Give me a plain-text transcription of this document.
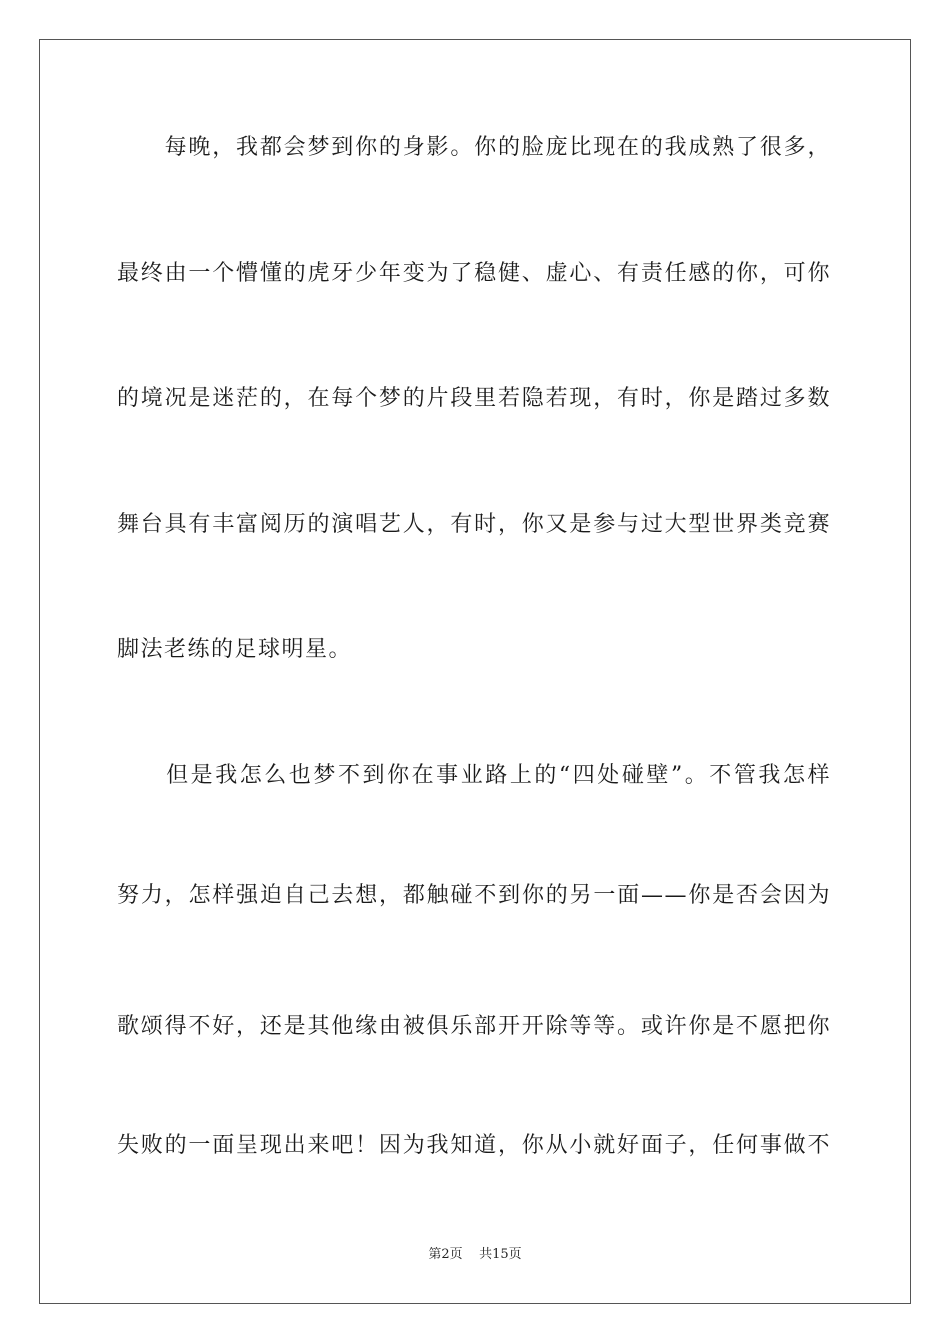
　　每晚，我都会梦到你的身影。你的脸庞比现在的我成熟了很多，
最终由一个懵懂的虎牙少年变为了稳健、虚心、有责任感的你，可你
的境况是迷茫的，在每个梦的片段里若隐若现，有时，你是踏过多数
舞台具有丰富阅历的演唱艺人，有时，你又是参与过大型世界类竞赛
脚法老练的足球明星。
　　但是我怎么也梦不到你在事业路上的“四处碰壁”。不管我怎样
努力，怎样强迫自己去想，都触碰不到你的另一面——你是否会因为
歌颂得不好，还是其他缘由被俱乐部开开除等等。或许你是不愿把你
失败的一面呈现出来吧！因为我知道，你从小就好面子，任何事做不
第2页 共15页
